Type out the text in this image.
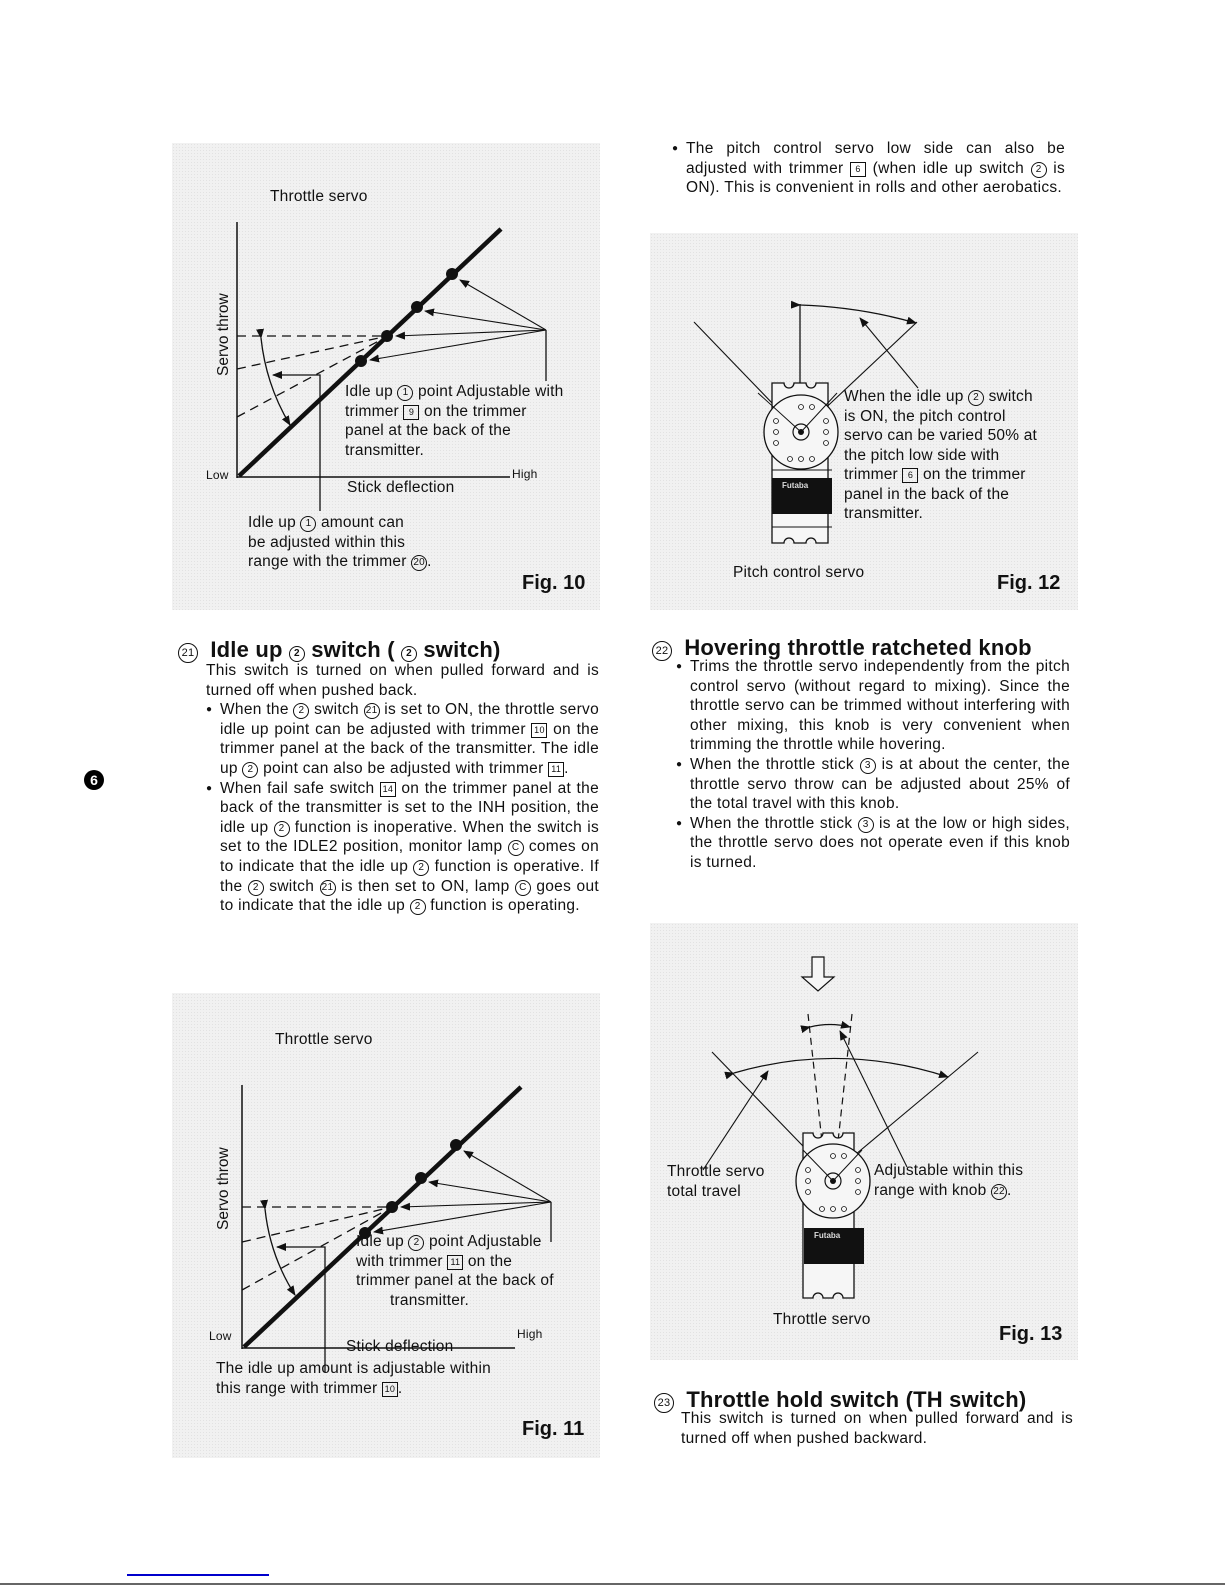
Throttle servo
Servo throw
Low	High
Stick deflection
Idle up 1 point Adjustable with
trimmer 9 on the trimmer
panel at the back of the
transmitter.
Idle up 1 amount can
be adjusted within this
range with the trimmer 20 .
Fig. 10
● The pitch control servo low side can also be adjusted with trimmer 6 (when idle up switch 2 is ON). This is convenient in rolls and other aerobatics.
When the idle up 2 switch
is ON, the pitch control
servo can be varied 50% at
the pitch low side with
trimmer 6 on the trimmer
panel in the back of the
transmitter.
Futaba
Pitch control servo	Fig. 12
21 Idle up 2 switch ( 2 switch)
This switch is turned on when pulled forward and is turned off when pushed back.
● When the 2 switch 21 is set to ON, the throttle servo idle up point can be adjusted with trimmer 10 on the trimmer panel at the back of the transmitter. The idle up 2 point can also be adjusted with trimmer 11 .
● When fail safe switch 14 on the trimmer panel at the back of the transmitter is set to the INH position, the idle up 2 function is inoperative. When the switch is set to the IDLE2 position, monitor lamp C comes on to indicate that the idle up 2 function is operative. If the 2 switch 21 is then set to ON, lamp C goes out to indicate that the idle up 2 function is operating.
6
22 Hovering throttle ratcheted knob
● Trims the throttle servo independently from the pitch control servo (without regard to mixing). Since the throttle servo can be trimmed without interfering with other mixing, this knob is very convenient when trimming the throttle while hovering.
● When the throttle stick 3 is at about the center, the throttle servo throw can be adjusted about 25% of the total travel with this knob.
● When the throttle stick 3 is at the low or high sides, the throttle servo does not operate even if this knob is turned.
Throttle servo
Servo throw
Low	High
Stick deflection
Idle up 2 point Adjustable
with trimmer 11 on the
trimmer panel at the back of
transmitter.
The idle up amount is adjustable within
this range with trimmer 10 .
Fig. 11
Throttle servo
total travel
Adjustable within this
range with knob 22 .
Futaba
Throttle servo
Fig. 13
23 Throttle hold switch (TH switch)
This switch is turned on when pulled forward and is turned off when pushed backward.
